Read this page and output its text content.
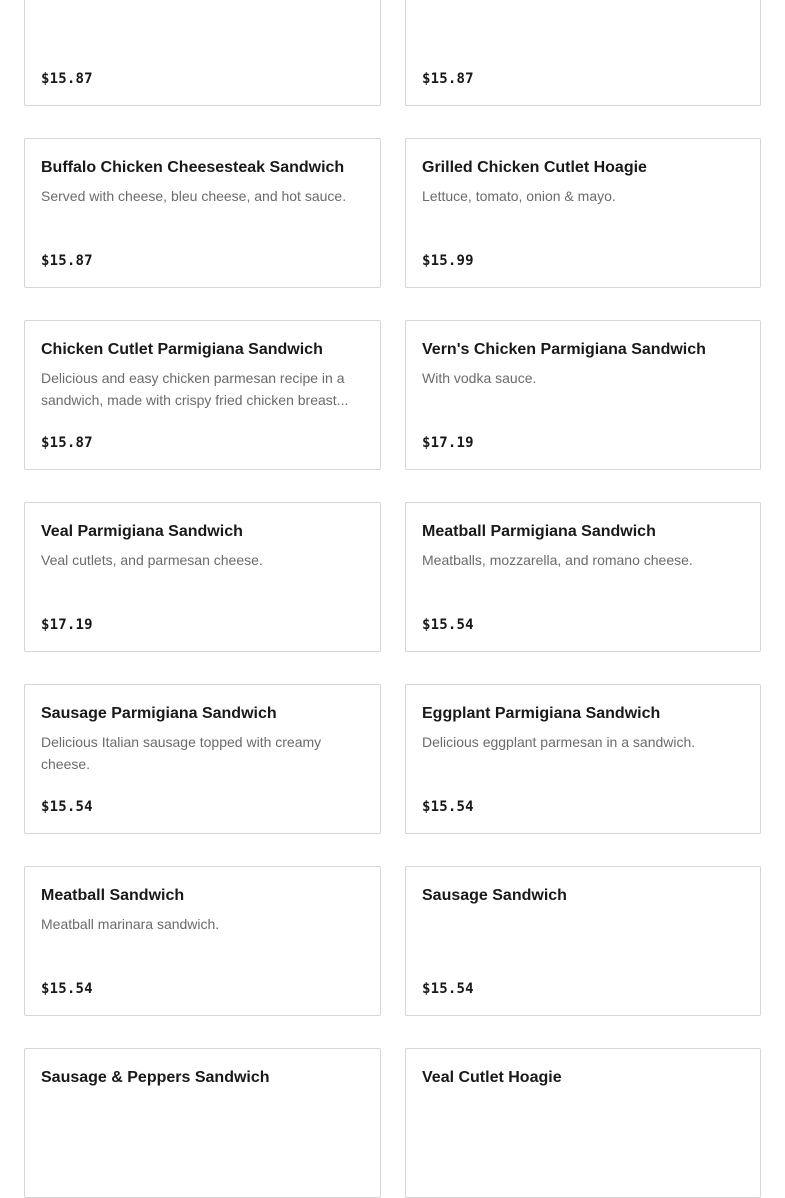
$15.87	$15.87
Buffalo Chicken Cheesesteak Sandwich
Served with cheese, bleu cheese, and hot sauce.
$15.87
Grilled Chicken Cutlet Hoagie
Lettuce, tomato, onion & mayo.
$15.99
Chicken Cutlet Parmigiana Sandwich
Delicious and easy chicken parmesan recipe in a sandwich, made with crispy fried chicken breast...
$15.87
Vern's Chicken Parmigiana Sandwich
With vodka sauce.
$17.19
Veal Parmigiana Sandwich
Veal cutlets, and parmesan cheese.
$17.19
Meatball Parmigiana Sandwich
Meatballs, mozzarella, and romano cheese.
$15.54
Sausage Parmigiana Sandwich
Delicious Italian sausage topped with creamy cheese.
$15.54
Eggplant Parmigiana Sandwich
Delicious eggplant parmesan in a sandwich.
$15.54
Meatball Sandwich
Meatball marinara sandwich.
$15.54
Sausage Sandwich
$15.54
Sausage & Peppers Sandwich	Veal Cutlet Hoagie
